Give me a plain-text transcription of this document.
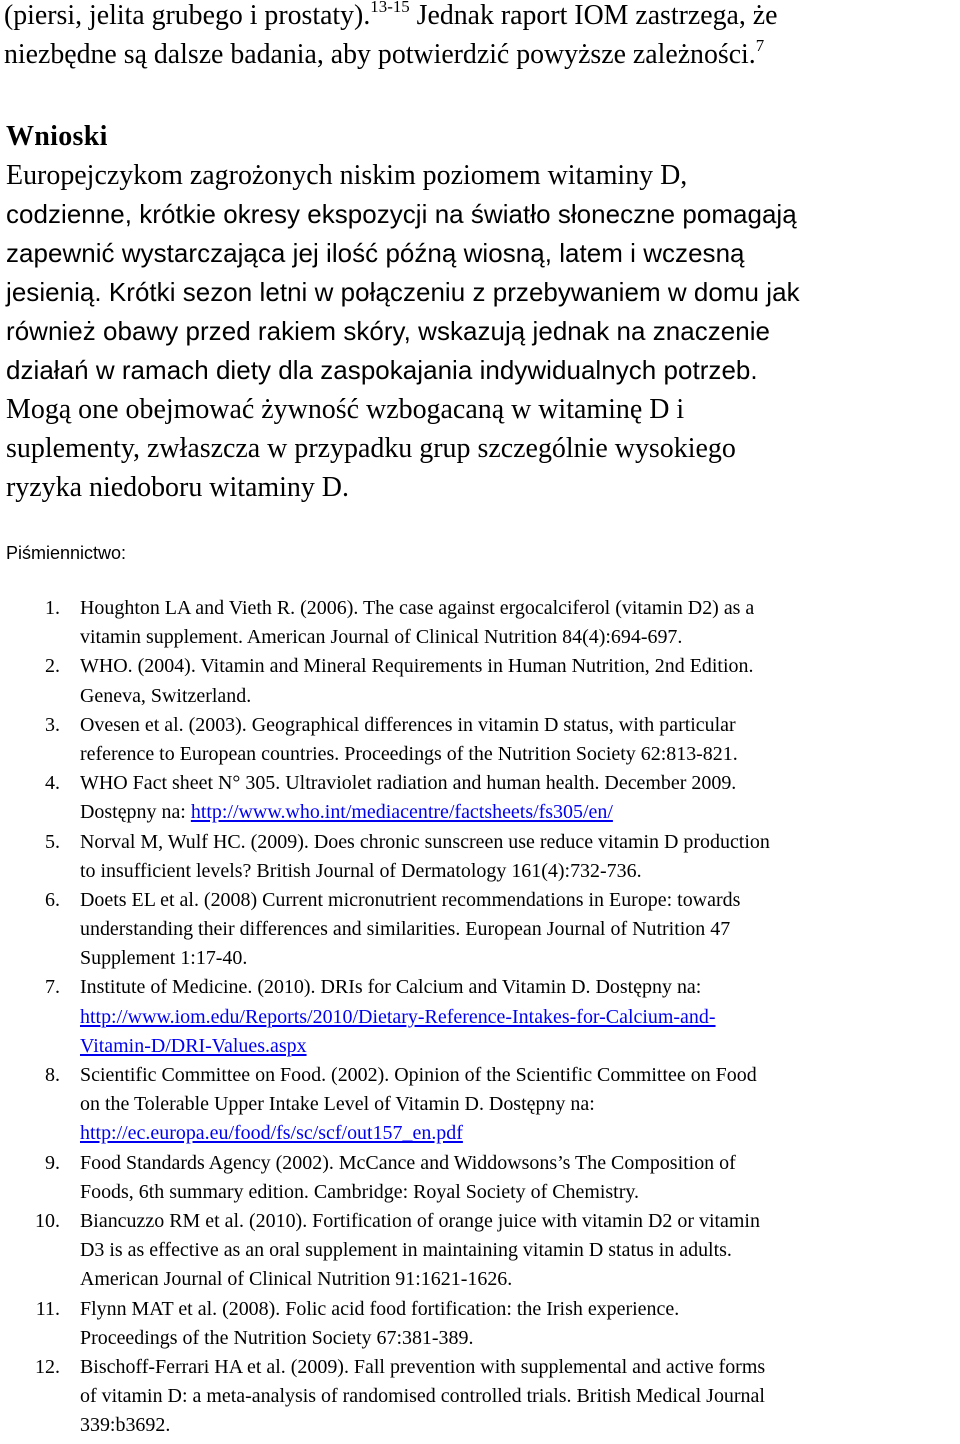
(piersi, jelita grubego i prostaty).$^{13-15}$ Jednak raport IOM zastrzega, że
niezbędne są dalsze badania, aby potwierdzić powyższe zależności.$^7$
Wnioski
Europejczykom zagrożonych niskim poziomem witaminy D,
codzienne, krótkie okresy ekspozycji na światło słoneczne pomagają
zapewnić wystarczająca jej ilość późną wiosną, latem i wczesną
jesienią. Krótki sezon letni w połączeniu z przebywaniem w domu jak
również obawy przed rakiem skóry, wskazują jednak na znaczenie
działań w ramach diety dla zaspokajania indywidualnych potrzeb.
Mogą one obejmować żywność wzbogacaną w witaminę D i
suplementy, zwłaszcza w przypadku grup szczególnie wysokiego
ryzyka niedoboru witaminy D.
Piśmiennictwo:
1. Houghton LA and Vieth R. (2006). The case against ergocalciferol (vitamin D2) as a
vitamin supplement. American Journal of Clinical Nutrition 84(4):694-697.
2. WHO. (2004). Vitamin and Mineral Requirements in Human Nutrition, 2nd Edition.
Geneva, Switzerland.
3. Ovesen et al. (2003). Geographical differences in vitamin D status, with particular
reference to European countries. Proceedings of the Nutrition Society 62:813-821.
4. WHO Fact sheet N° 305. Ultraviolet radiation and human health. December 2009.
Dostępny na: http://www.who.int/mediacentre/factsheets/fs305/en/
5. Norval M, Wulf HC. (2009). Does chronic sunscreen use reduce vitamin D production
to insufficient levels? British Journal of Dermatology 161(4):732-736.
6. Doets EL et al. (2008) Current micronutrient recommendations in Europe: towards
understanding their differences and similarities. European Journal of Nutrition 47
Supplement 1:17-40.
7. Institute of Medicine. (2010). DRIs for Calcium and Vitamin D. Dostępny na:
http://www.iom.edu/Reports/2010/Dietary-Reference-Intakes-for-Calcium-and-
Vitamin-D/DRI-Values.aspx
8. Scientific Committee on Food. (2002). Opinion of the Scientific Committee on Food
on the Tolerable Upper Intake Level of Vitamin D. Dostępny na:
http://ec.europa.eu/food/fs/sc/scf/out157_en.pdf
9. Food Standards Agency (2002). McCance and Widdowsons’s The Composition of
Foods, 6th summary edition. Cambridge: Royal Society of Chemistry.
10. Biancuzzo RM et al. (2010). Fortification of orange juice with vitamin D2 or vitamin
D3 is as effective as an oral supplement in maintaining vitamin D status in adults.
American Journal of Clinical Nutrition 91:1621-1626.
11. Flynn MAT et al. (2008). Folic acid food fortification: the Irish experience.
Proceedings of the Nutrition Society 67:381-389.
12. Bischoff-Ferrari HA et al. (2009). Fall prevention with supplemental and active forms
of vitamin D: a meta-analysis of randomised controlled trials. British Medical Journal
339:b3692.
